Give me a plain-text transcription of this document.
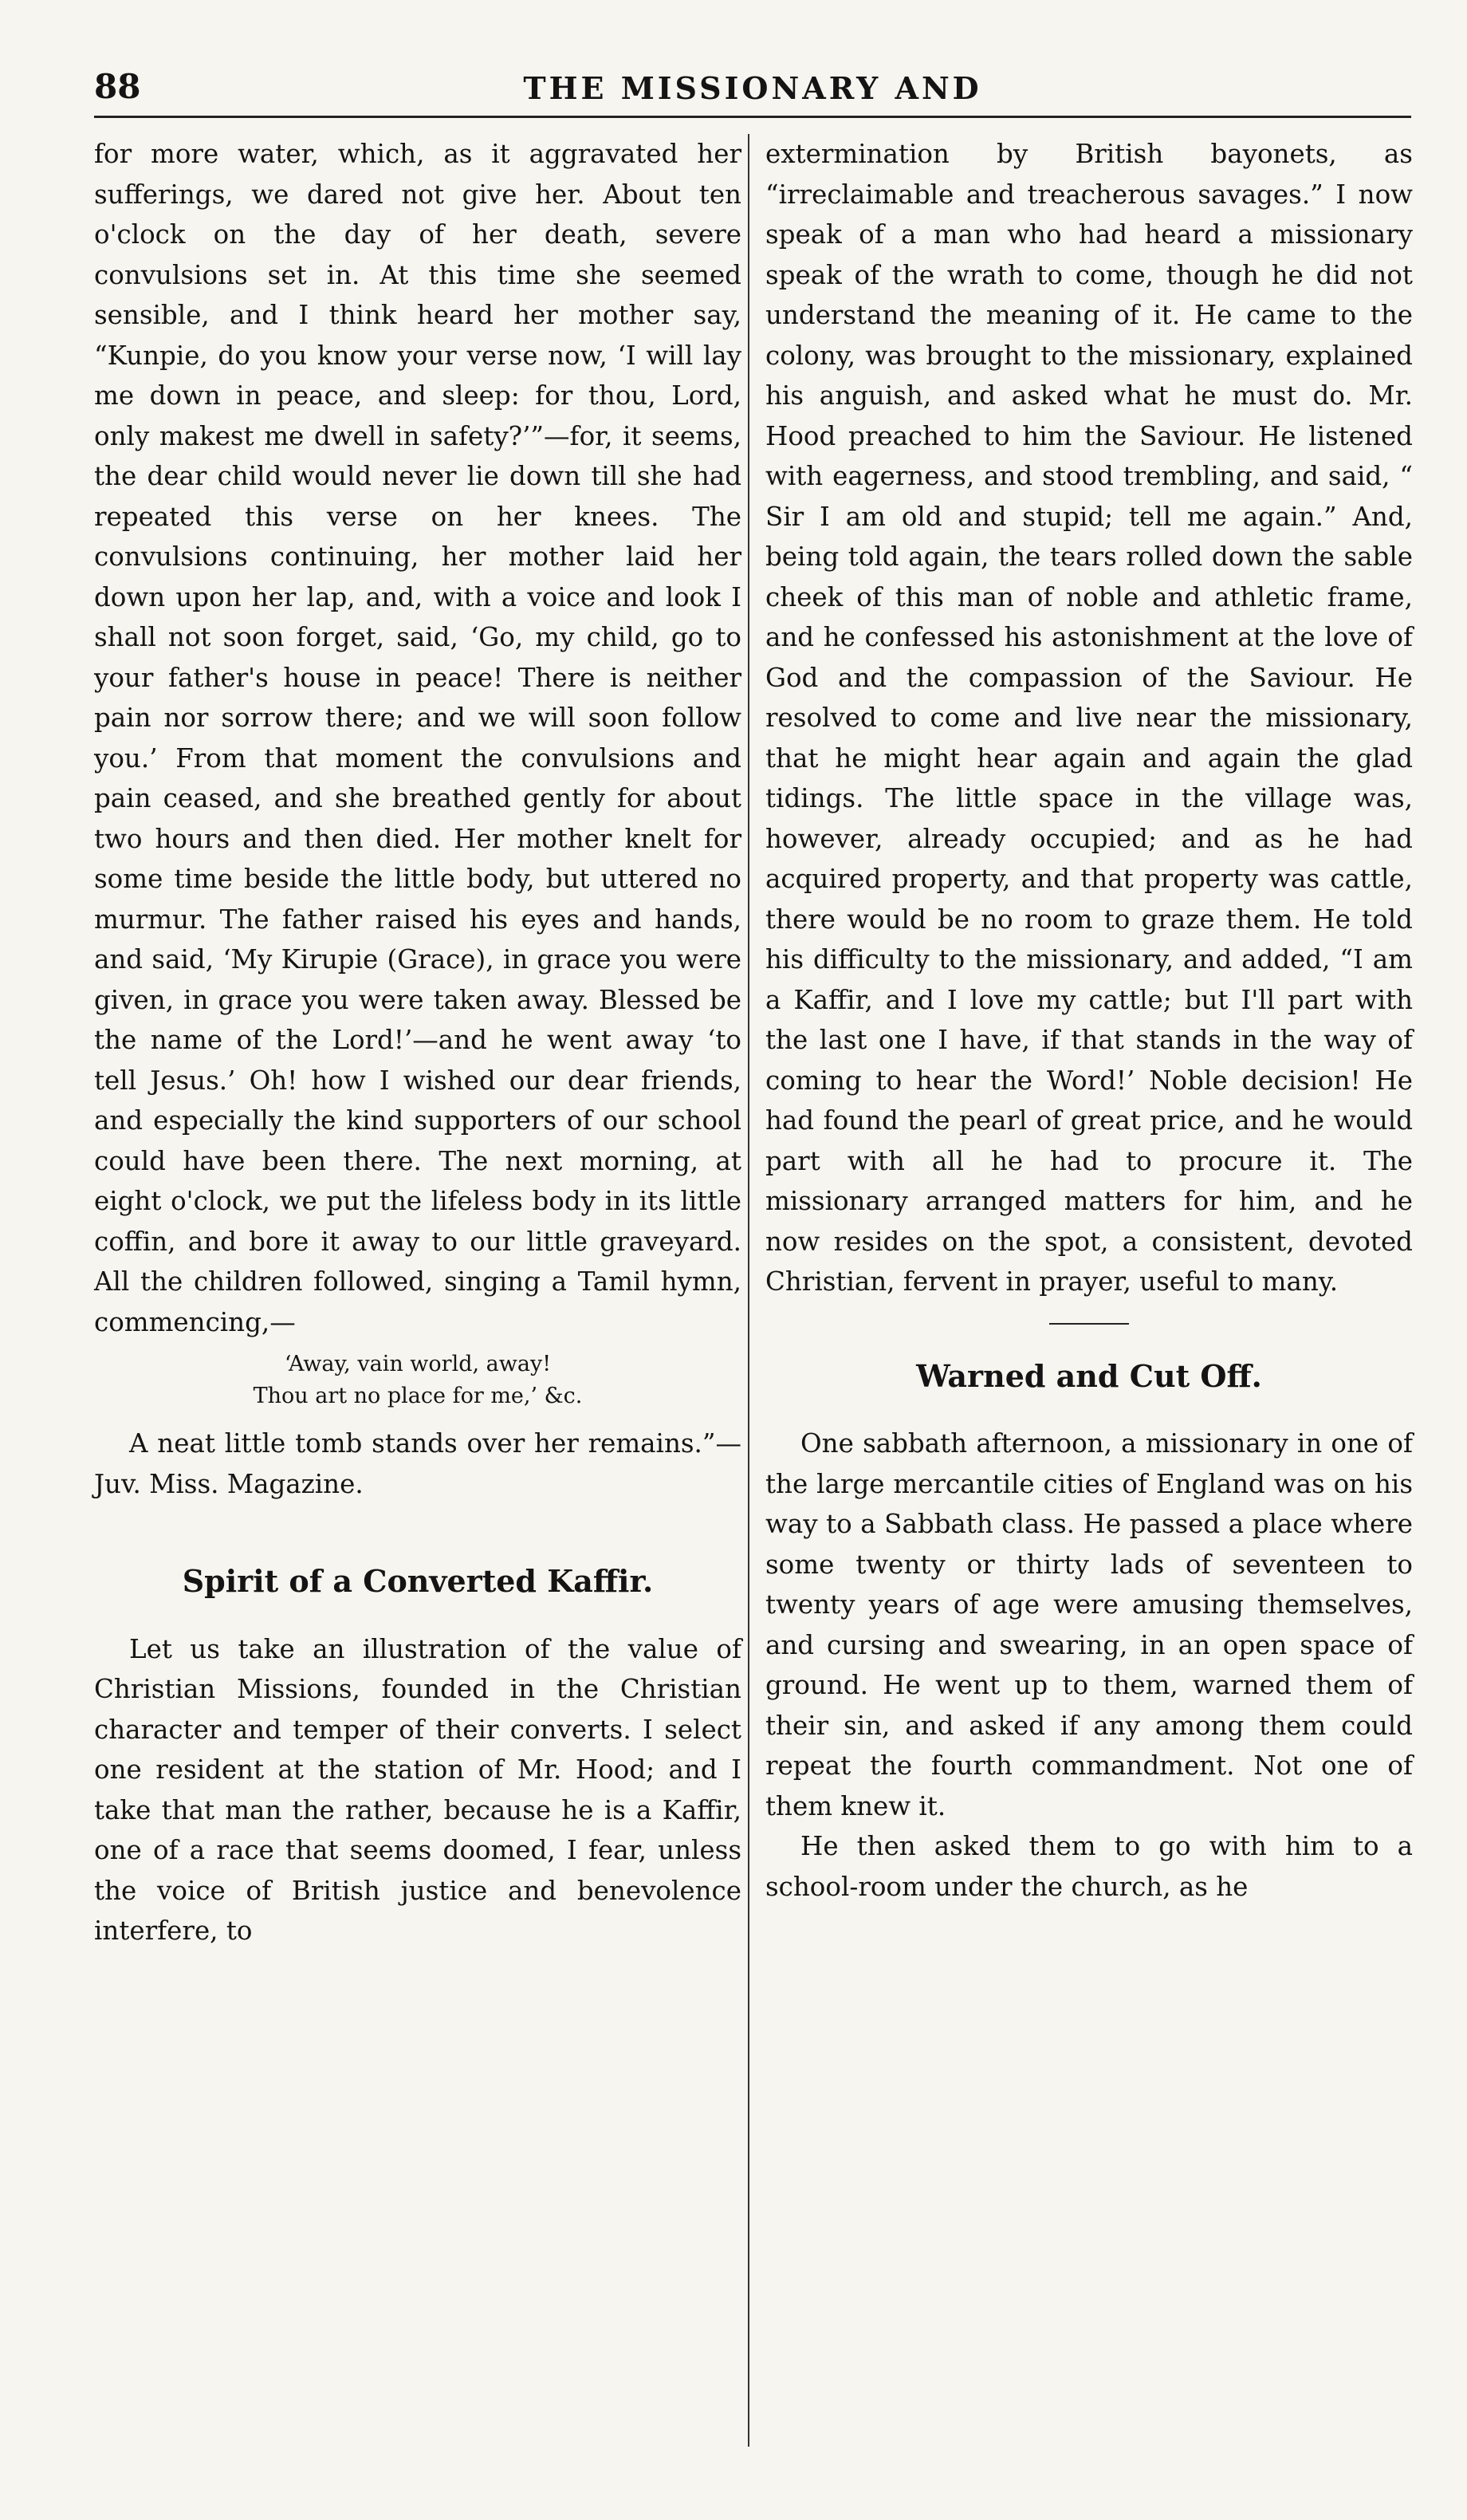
88	THE MISSIONARY AND

for more water, which, as it aggravated her sufferings, we dared not give her. About ten o'clock on the day of her death, severe convulsions set in. At this time she seemed sensible, and I think heard her mother say, “Kunpie, do you know your verse now, ‘I will lay me down in peace, and sleep: for thou, Lord, only makest me dwell in safety?’”—for, it seems, the dear child would never lie down till she had repeated this verse on her knees. The convulsions continuing, her mother laid her down upon her lap, and, with a voice and look I shall not soon forget, said, ‘Go, my child, go to your father's house in peace! There is neither pain nor sorrow there; and we will soon follow you.’ From that moment the convulsions and pain ceased, and she breathed gently for about two hours and then died. Her mother knelt for some time beside the little body, but uttered no murmur. The father raised his eyes and hands, and said, ‘My Kirupie (Grace), in grace you were given, in grace you were taken away. Blessed be the name of the Lord!’—and he went away ‘to tell Jesus.’ Oh! how I wished our dear friends, and especially the kind supporters of our school could have been there. The next morning, at eight o'clock, we put the lifeless body in its little coffin, and bore it away to our little graveyard. All the children followed, singing a Tamil hymn, commencing,—

‘Away, vain world, away!
Thou art no place for me,’ &c.

A neat little tomb stands over her remains.”—Juv. Miss. Magazine.

Spirit of a Converted Kaffir.

Let us take an illustration of the value of Christian Missions, founded in the Christian character and temper of their converts. I select one resident at the station of Mr. Hood; and I take that man the rather, because he is a Kaffir, one of a race that seems doomed, I fear, unless the voice of British justice and benevolence interfere, to

extermination by British bayonets, as “irreclaimable and treacherous savages.” I now speak of a man who had heard a missionary speak of the wrath to come, though he did not understand the meaning of it. He came to the colony, was brought to the missionary, explained his anguish, and asked what he must do. Mr. Hood preached to him the Saviour. He listened with eagerness, and stood trembling, and said, “ Sir I am old and stupid; tell me again.” And, being told again, the tears rolled down the sable cheek of this man of noble and athletic frame, and he confessed his astonishment at the love of God and the compassion of the Saviour. He resolved to come and live near the missionary, that he might hear again and again the glad tidings. The little space in the village was, however, already occupied; and as he had acquired property, and that property was cattle, there would be no room to graze them. He told his difficulty to the missionary, and added, “I am a Kaffir, and I love my cattle; but I'll part with the last one I have, if that stands in the way of coming to hear the Word!’ Noble decision! He had found the pearl of great price, and he would part with all he had to procure it. The missionary arranged matters for him, and he now resides on the spot, a consistent, devoted Christian, fervent in prayer, useful to many.

Warned and Cut Off.

One sabbath afternoon, a missionary in one of the large mercantile cities of England was on his way to a Sabbath class. He passed a place where some twenty or thirty lads of seventeen to twenty years of age were amusing themselves, and cursing and swearing, in an open space of ground. He went up to them, warned them of their sin, and asked if any among them could repeat the fourth commandment. Not one of them knew it.

He then asked them to go with him to a school-room under the church, as he
